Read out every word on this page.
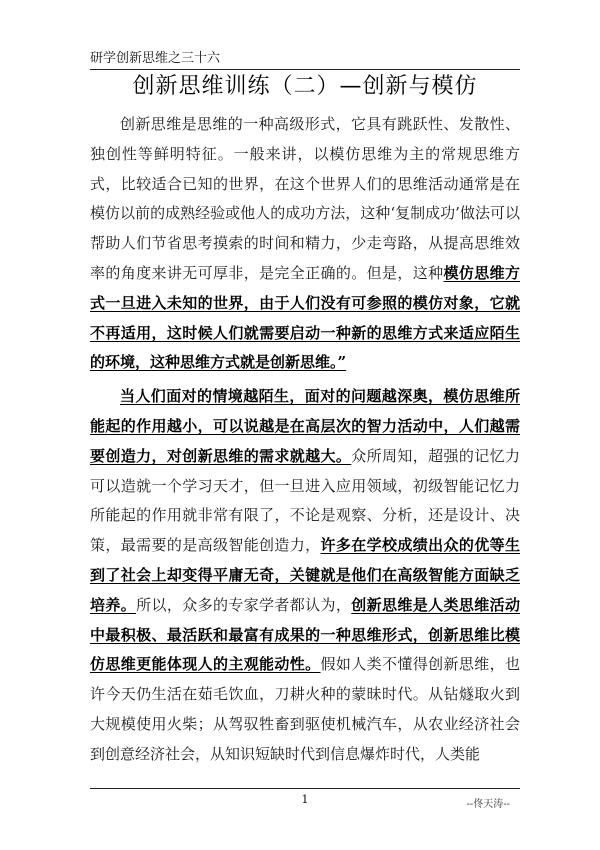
研学创新思维之三十六
创新思维训练（二）—创新与模仿

创新思维是思维的一种高级形式，它具有跳跃性、发散性、独创性等鲜明特征。一般来讲，以模仿思维为主的常规思维方式，比较适合已知的世界，在这个世界人们的思维活动通常是在模仿以前的成熟经验或他人的成功方法，这种‘复制成功’做法可以帮助人们节省思考摸索的时间和精力，少走弯路，从提高思维效率的角度来讲无可厚非，是完全正确的。但是，这种模仿思维方式一旦进入未知的世界，由于人们没有可参照的模仿对象，它就不再适用，这时候人们就需要启动一种新的思维方式来适应陌生的环境，这种思维方式就是创新思维。”

当人们面对的情境越陌生，面对的问题越深奥，模仿思维所能起的作用越小，可以说越是在高层次的智力活动中，人们越需要创造力，对创新思维的需求就越大。众所周知，超强的记忆力可以造就一个学习天才，但一旦进入应用领域，初级智能记忆力所能起的作用就非常有限了，不论是观察、分析，还是设计、决策，最需要的是高级智能创造力，许多在学校成绩出众的优等生到了社会上却变得平庸无奇，关键就是他们在高级智能方面缺乏培养。所以，众多的专家学者都认为，创新思维是人类思维活动中最积极、最活跃和最富有成果的一种思维形式，创新思维比模仿思维更能体现人的主观能动性。假如人类不懂得创新思维，也许今天仍生活在茹毛饮血，刀耕火种的蒙昧时代。从钻燧取火到大规模使用火柴；从驾驭牲畜到驱使机械汽车，从农业经济社会到创意经济社会，从知识短缺时代到信息爆炸时代，人类能

1	--佟天涛--
